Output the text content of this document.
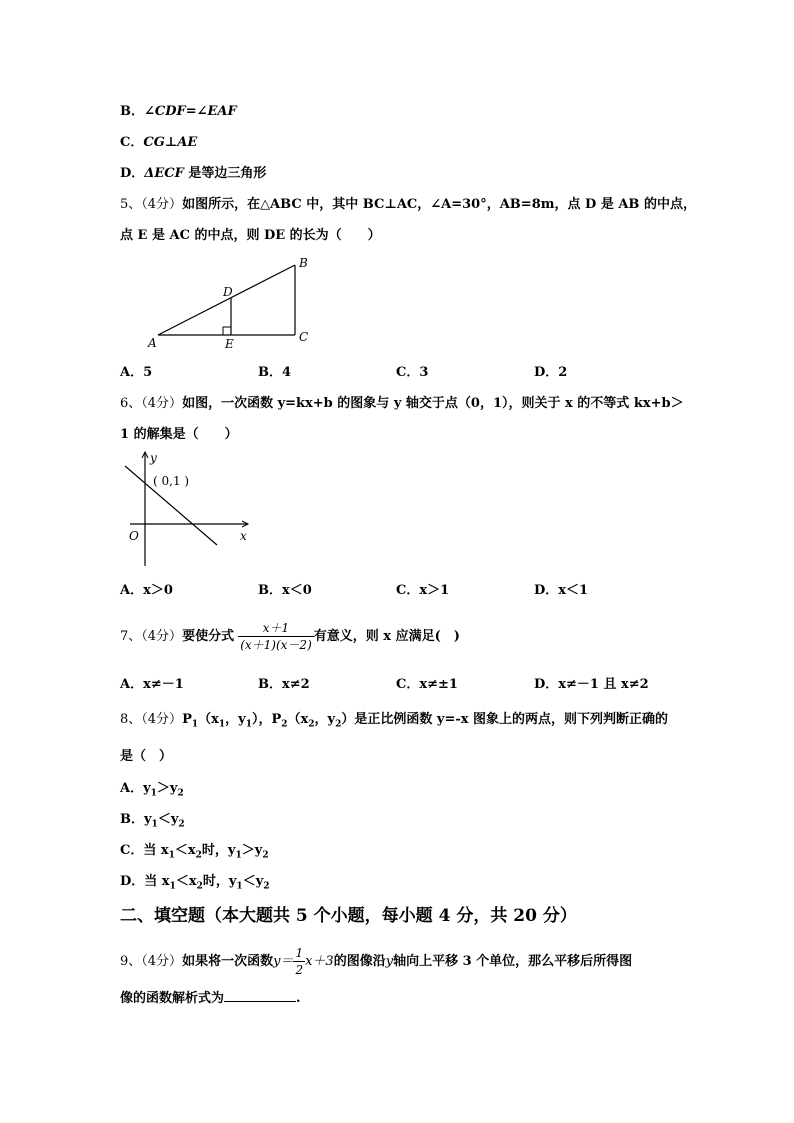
B．∠CDF=∠EAF
C．CG⊥AE
D．ΔECF 是等边三角形
5、（4分）如图所示，在△ABC 中，其中 BC⊥AC，∠A=30°，AB=8m，点 D 是 AB 的中点，
点 E 是 AC 的中点，则 DE 的长为（　　）
A
B
C
D
E
A．5	B．4	C．3	D．2
6、（4分）如图，一次函数 y=kx+b 的图象与 y 轴交于点（0，1），则关于 x 的不等式 kx+b＞
1 的解集是（　　）
y
x
O
( 0,1 )
A．x＞0	B．x＜0	C．x＞1	D．x＜1
7、（4分）要使分式 $\frac{x+1}{(x+1)(x-2)}$ 有意义，则 x 应满足(　)
A．x≠－1	B．x≠2	C．x≠±1	D．x≠－1 且 x≠2
8、（4分）$P_1(x_1$，$y_1$），$P_2(x_2$，$y_2$）是正比例函数 y=-x 图象上的两点，则下列判断正确的
是（　）
A．$y_1>y_2$
B．$y_1<y_2$
C．当 $x_1<x_2$时，$y_1>y_2$
D．当 $x_1<x_2$时，$y_1<y_2$
二、填空题（本大题共 5 个小题，每小题 4 分，共 20 分）
9、（4分）如果将一次函数$y= \frac{1}{2} x+3$的图像沿y轴向上平移 3 个单位，那么平移后所得图
像的函数解析式为	.
